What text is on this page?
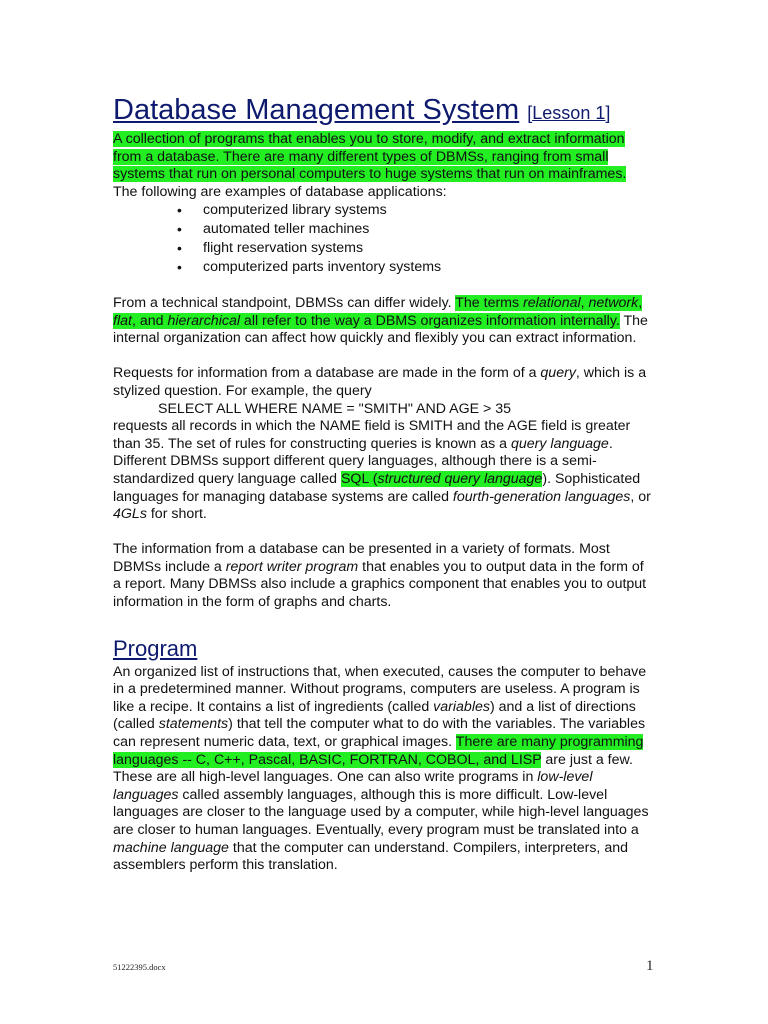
Database Management System [Lesson 1]

A collection of programs that enables you to store, modify, and extract information from a database. There are many different types of DBMSs, ranging from small systems that run on personal computers to huge systems that run on mainframes. The following are examples of database applications:

• computerized library systems
• automated teller machines
• flight reservation systems
• computerized parts inventory systems

From a technical standpoint, DBMSs can differ widely. The terms relational, network, flat, and hierarchical all refer to the way a DBMS organizes information internally. The internal organization can affect how quickly and flexibly you can extract information.

Requests for information from a database are made in the form of a query, which is a stylized question. For example, the query
SELECT ALL WHERE NAME = "SMITH" AND AGE > 35
requests all records in which the NAME field is SMITH and the AGE field is greater than 35. The set of rules for constructing queries is known as a query language. Different DBMSs support different query languages, although there is a semi-standardized query language called SQL (structured query language). Sophisticated languages for managing database systems are called fourth-generation languages, or 4GLs for short.

The information from a database can be presented in a variety of formats. Most DBMSs include a report writer program that enables you to output data in the form of a report. Many DBMSs also include a graphics component that enables you to output information in the form of graphs and charts.

Program

An organized list of instructions that, when executed, causes the computer to behave in a predetermined manner. Without programs, computers are useless. A program is like a recipe. It contains a list of ingredients (called variables) and a list of directions (called statements) that tell the computer what to do with the variables. The variables can represent numeric data, text, or graphical images. There are many programming languages -- C, C++, Pascal, BASIC, FORTRAN, COBOL, and LISP are just a few. These are all high-level languages. One can also write programs in low-level languages called assembly languages, although this is more difficult. Low-level languages are closer to the language used by a computer, while high-level languages are closer to human languages. Eventually, every program must be translated into a machine language that the computer can understand. Compilers, interpreters, and assemblers perform this translation.

51222395.docx	1
